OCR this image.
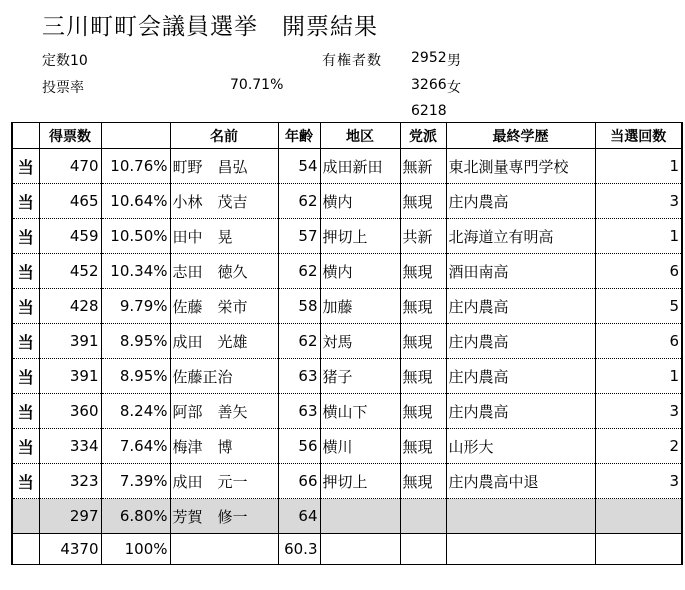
三川町町会議員選挙　開票結果
定数10	有権者数 2952 男
投票率	70.71%	3266 女
6218
	得票数		名前	年齢	地区	党派	最終学歴	当選回数
当	470	10.76%	町野　昌弘	54	成田新田	無新	東北測量専門学校	1
当	465	10.64%	小林　茂吉	62	横内	無現	庄内農高	3
当	459	10.50%	田中　晃	57	押切上	共新	北海道立有明高	1
当	452	10.34%	志田　徳久	62	横内	無現	酒田南高	6
当	428	9.79%	佐藤　栄市	58	加藤	無現	庄内農高	5
当	391	8.95%	成田　光雄	62	対馬	無現	庄内農高	6
当	391	8.95%	佐藤正治	63	猪子	無現	庄内農高	1
当	360	8.24%	阿部　善矢	63	横山下	無現	庄内農高	3
当	334	7.64%	梅津　博	56	横川	無現	山形大	2
当	323	7.39%	成田　元一	66	押切上	無現	庄内農高中退	3
	297	6.80%	芳賀　修一	64				
	4370	100%		60.3				
